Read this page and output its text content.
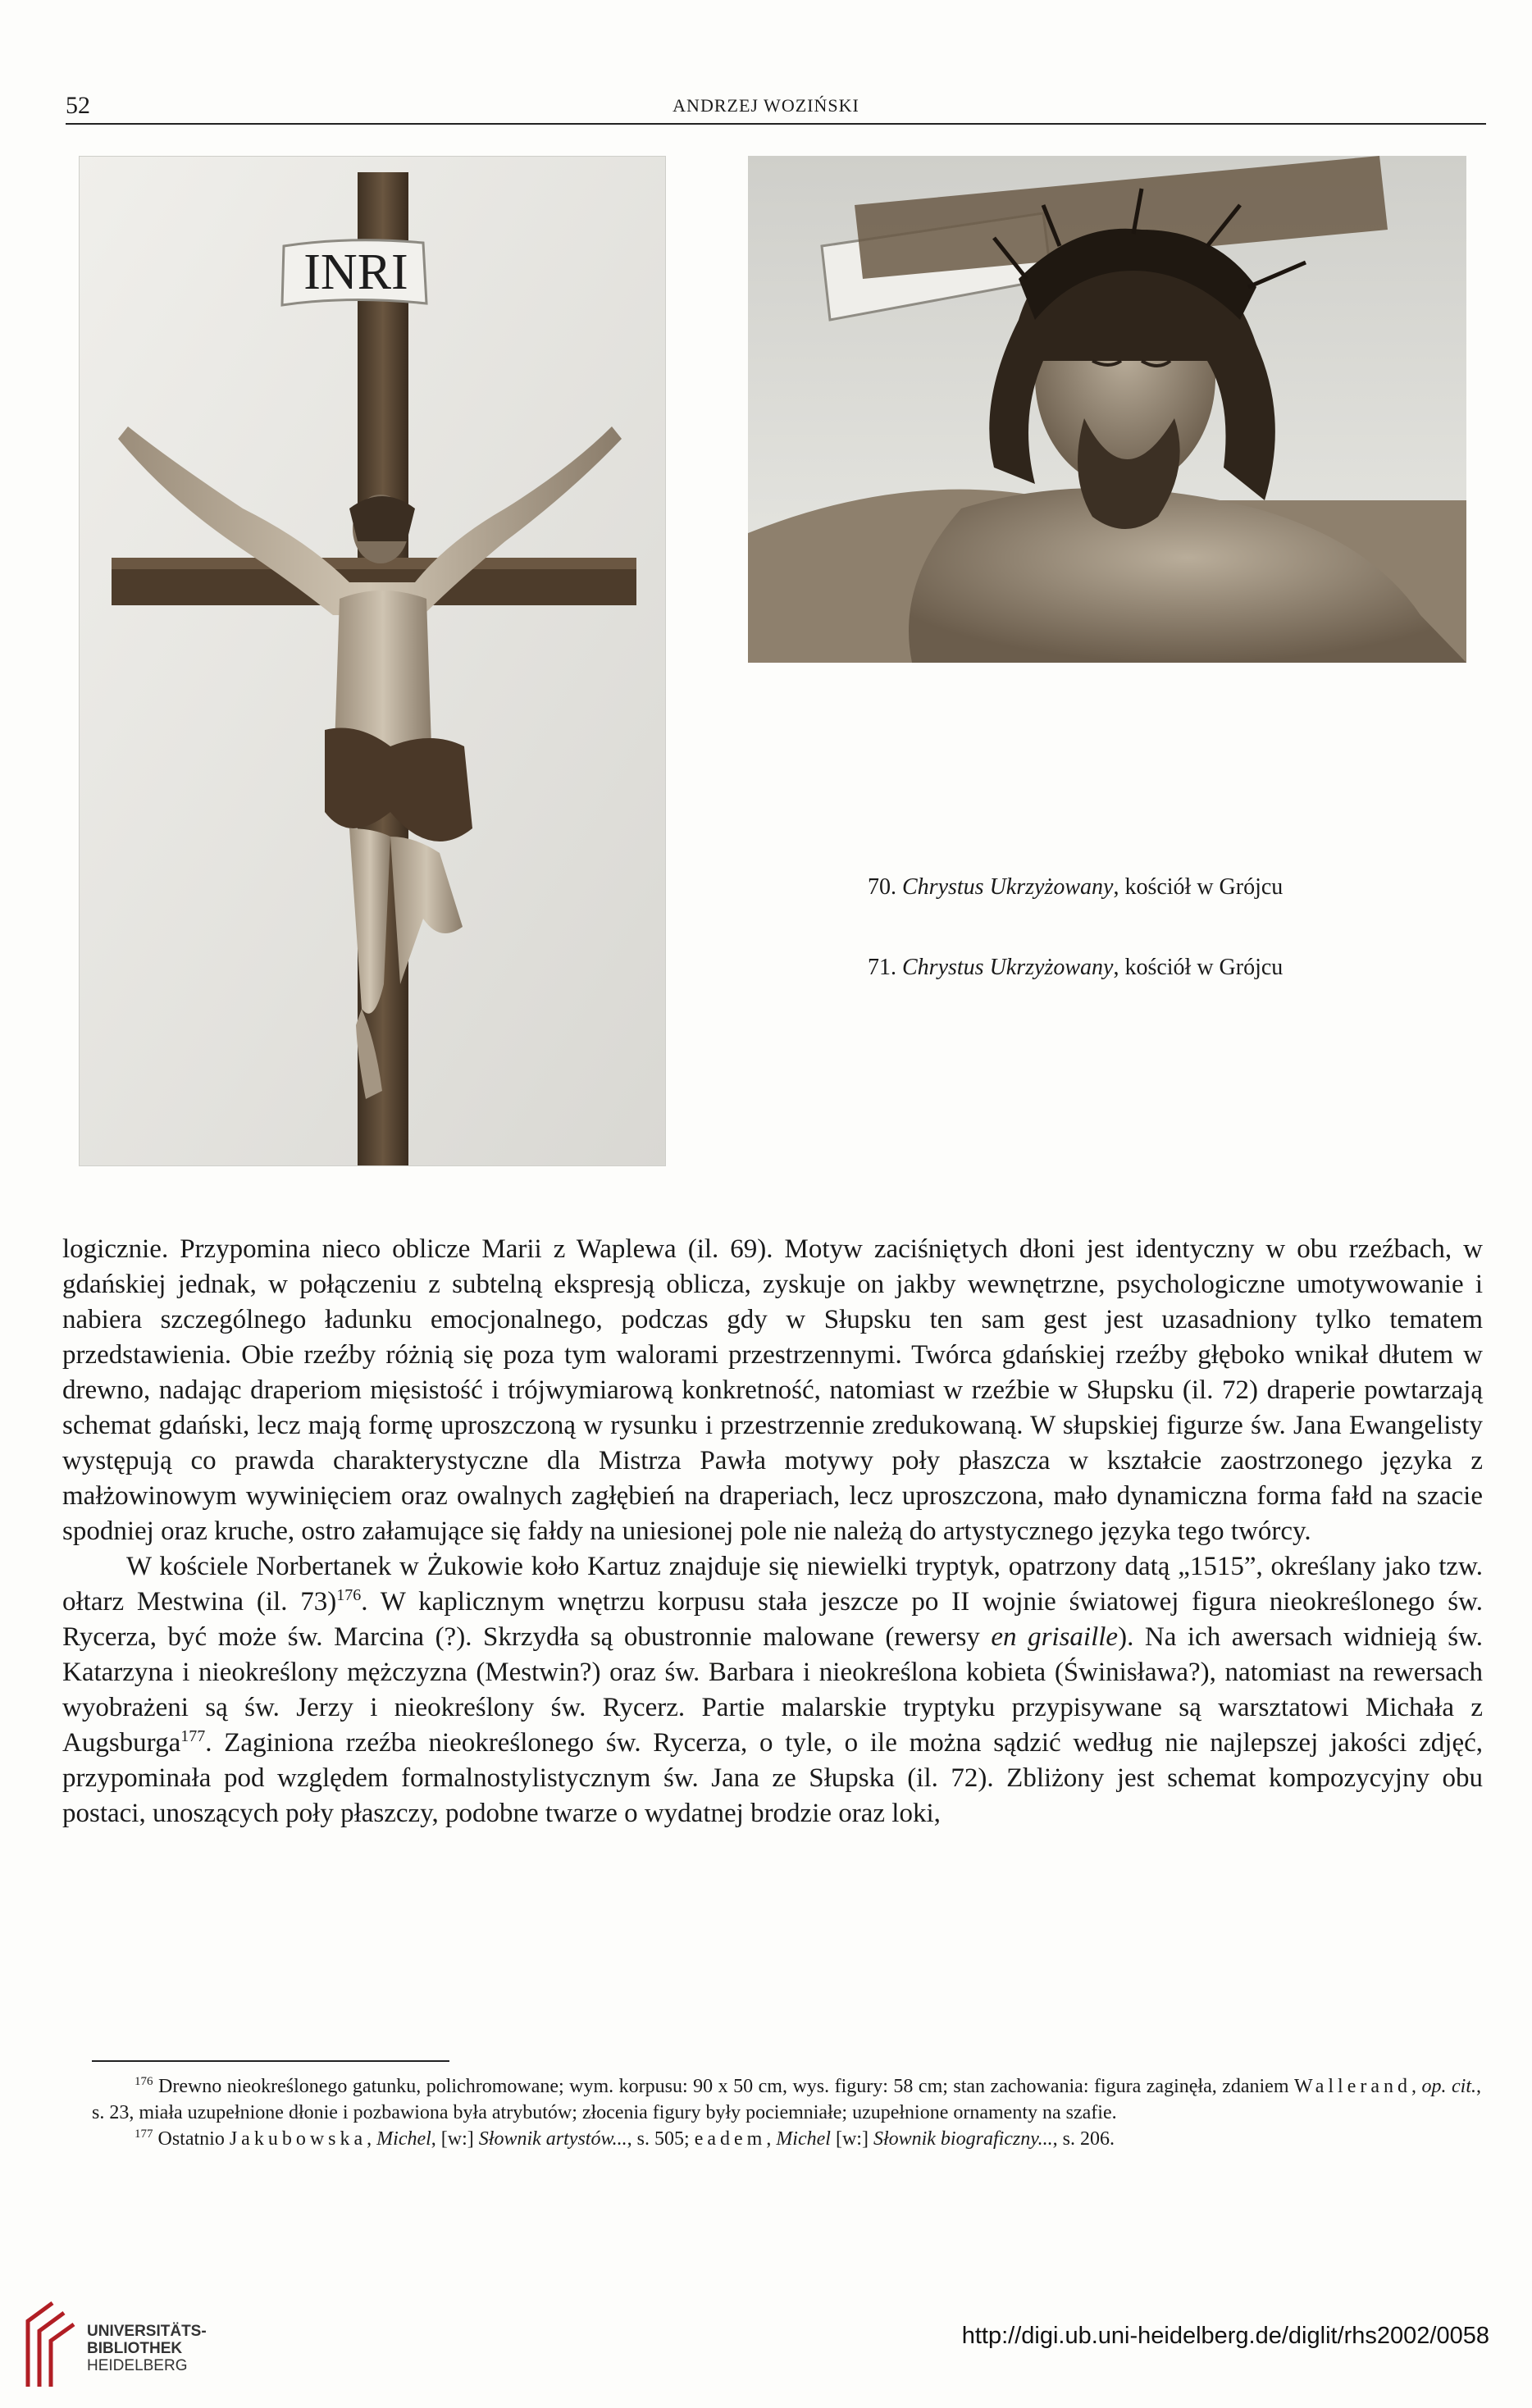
52	ANDRZEJ WOZIŃSKI
INRI
70. Chrystus Ukrzyżowany, kościół w Grójcu
71. Chrystus Ukrzyżowany, kościół w Grójcu

logicznie. Przypomina nieco oblicze Marii z Waplewa (il. 69). Motyw zaciśniętych dłoni jest identyczny w obu rzeźbach, w gdańskiej jednak, w połączeniu z subtelną ekspresją oblicza, zyskuje on jakby wewnętrzne, psychologiczne umotywowanie i nabiera szczególnego ładunku emocjonalnego, podczas gdy w Słupsku ten sam gest jest uzasadniony tylko tematem przedstawienia. Obie rzeźby różnią się poza tym walorami przestrzennymi. Twórca gdańskiej rzeźby głęboko wnikał dłutem w drewno, nadając draperiom mięsistość i trójwymiarową konkretność, natomiast w rzeźbie w Słupsku (il. 72) draperie powtarzają schemat gdański, lecz mają formę uproszczoną w rysunku i przestrzennie zredukowaną. W słupskiej figurze św. Jana Ewangelisty występują co prawda charakterystyczne dla Mistrza Pawła motywy poły płaszcza w kształcie zaostrzonego języka z małżowinowym wywinięciem oraz owalnych zagłębień na draperiach, lecz uproszczona, mało dynamiczna forma fałd na szacie spodniej oraz kruche, ostro załamujące się fałdy na uniesionej pole nie należą do artystycznego języka tego twórcy.

W kościele Norbertanek w Żukowie koło Kartuz znajduje się niewielki tryptyk, opatrzony datą „1515”, określany jako tzw. ołtarz Mestwina (il. 73)$^{176}$. W kaplicznym wnętrzu korpusu stała jeszcze po II wojnie światowej figura nieokreślonego św. Rycerza, być może św. Marcina (?). Skrzydła są obustronnie malowane (rewersy en grisaille). Na ich awersach widnieją św. Katarzyna i nieokreślony mężczyzna (Mestwin?) oraz św. Barbara i nieokreślona kobieta (Świnisława?), natomiast na rewersach wyobrażeni są św. Jerzy i nieokreślony św. Rycerz. Partie malarskie tryptyku przypisywane są warsztatowi Michała z Augsburga$^{177}$. Zaginiona rzeźba nieokreślonego św. Rycerza, o tyle, o ile można sądzić według nie najlepszej jakości zdjęć, przypominała pod względem formalnostylistycznym św. Jana ze Słupska (il. 72). Zbliżony jest schemat kompozycyjny obu postaci, unoszących poły płaszczy, podobne twarze o wydatnej brodzie oraz loki,

$^{176}$ Drewno nieokreślonego gatunku, polichromowane; wym. korpusu: 90 x 50 cm, wys. figury: 58 cm; stan zachowania: figura zaginęła, zdaniem Wallerand, op. cit., s. 23, miała uzupełnione dłonie i pozbawiona była atrybutów; złocenia figury były pociemniałe; uzupełnione ornamenty na szafie.

$^{177}$ Ostatnio Jakubowska, Michel, [w:] Słownik artystów..., s. 505; eadem, Michel [w:] Słownik biograficzny..., s. 206.

UNIVERSITÄTS-
BIBLIOTHEK
HEIDELBERG
http://digi.ub.uni-heidelberg.de/diglit/rhs2002/0058
